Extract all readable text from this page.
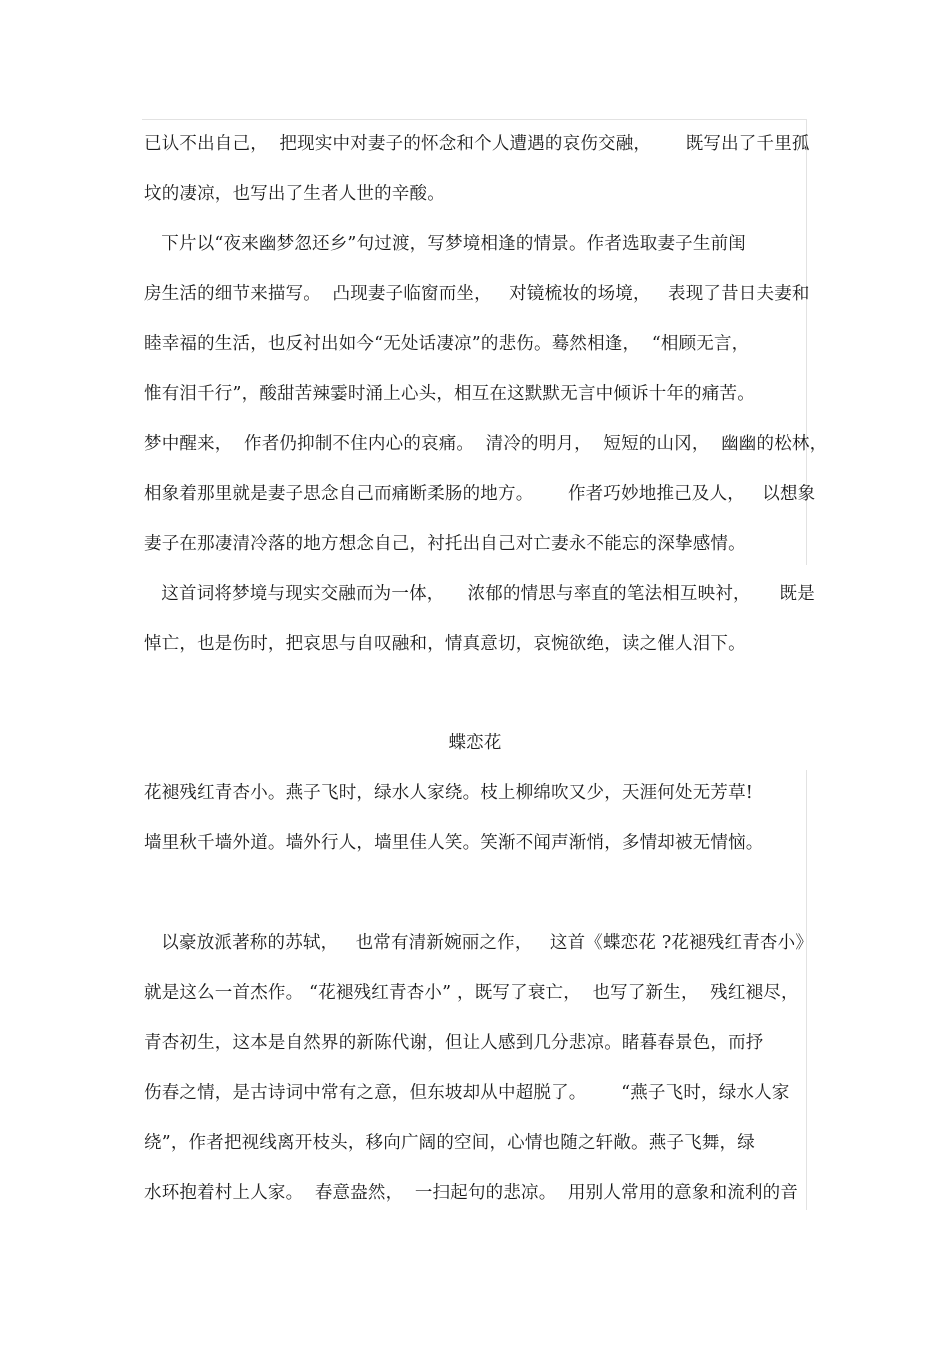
已认不出自己，  把现实中对妻子的怀念和个人遭遇的哀伤交融，      既写出了千里孤
坟的凄凉，也写出了生者人世的辛酸。
下片以“夜来幽梦忽还乡”句过渡，写梦境相逢的情景。作者选取妻子生前闺
房生活的细节来描写。  凸现妻子临窗而坐，   对镜梳妆的场境，   表现了昔日夫妻和
睦幸福的生活，也反衬出如今“无处话凄凉”的悲伤。蓦然相逢，  “相顾无言，
惟有泪千行”，酸甜苦辣霎时涌上心头，相互在这默默无言中倾诉十年的痛苦。
梦中醒来，  作者仍抑制不住内心的哀痛。  清冷的明月，  短短的山冈，  幽幽的松林，
相象着那里就是妻子思念自己而痛断柔肠的地方。      作者巧妙地推己及人，   以想象
妻子在那凄清冷落的地方想念自己，衬托出自己对亡妻永不能忘的深挚感情。
这首词将梦境与现实交融而为一体，    浓郁的情思与率直的笔法相互映衬，     既是
悼亡，也是伤时，把哀思与自叹融和，情真意切，哀惋欲绝，读之催人泪下。
蝶恋花
花褪残红青杏小。燕子飞时，绿水人家绕。枝上柳绵吹又少，天涯何处无芳草!
墙里秋千墙外道。墙外行人，墙里佳人笑。笑渐不闻声渐悄，多情却被无情恼。
以豪放派著称的苏轼，   也常有清新婉丽之作，   这首《蝶恋花 ?花褪残红青杏小》
就是这么一首杰作。 “花褪残红青杏小” ，既写了衰亡，  也写了新生，  残红褪尽，
青杏初生，这本是自然界的新陈代谢，但让人感到几分悲凉。睹暮春景色，而抒
伤春之情，是古诗词中常有之意，但东坡却从中超脱了。      “燕子飞时，绿水人家
绕”，作者把视线离开枝头，移向广阔的空间，心情也随之轩敞。燕子飞舞，绿
水环抱着村上人家。  春意盎然，  一扫起句的悲凉。  用别人常用的意象和流利的音
